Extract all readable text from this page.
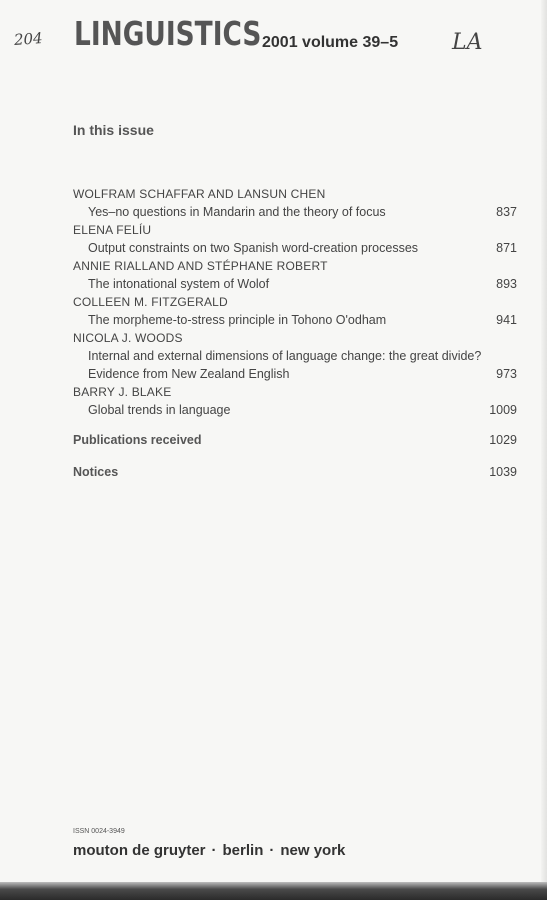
204	LA
LINGUISTICS 2001 volume 39–5
In this issue
WOLFRAM SCHAFFAR AND LANSUN CHEN
Yes–no questions in Mandarin and the theory of focus	837
ELENA FELÍU
Output constraints on two Spanish word-creation processes	871
ANNIE RIALLAND AND STÉPHANE ROBERT
The intonational system of Wolof	893
COLLEEN M. FITZGERALD
The morpheme-to-stress principle in Tohono O'odham	941
NICOLA J. WOODS
Internal and external dimensions of language change: the great divide? Evidence from New Zealand English	973
BARRY J. BLAKE
Global trends in language	1009
Publications received	1029
Notices	1039
ISSN 0024-3949
mouton de gruyter · berlin · new york
